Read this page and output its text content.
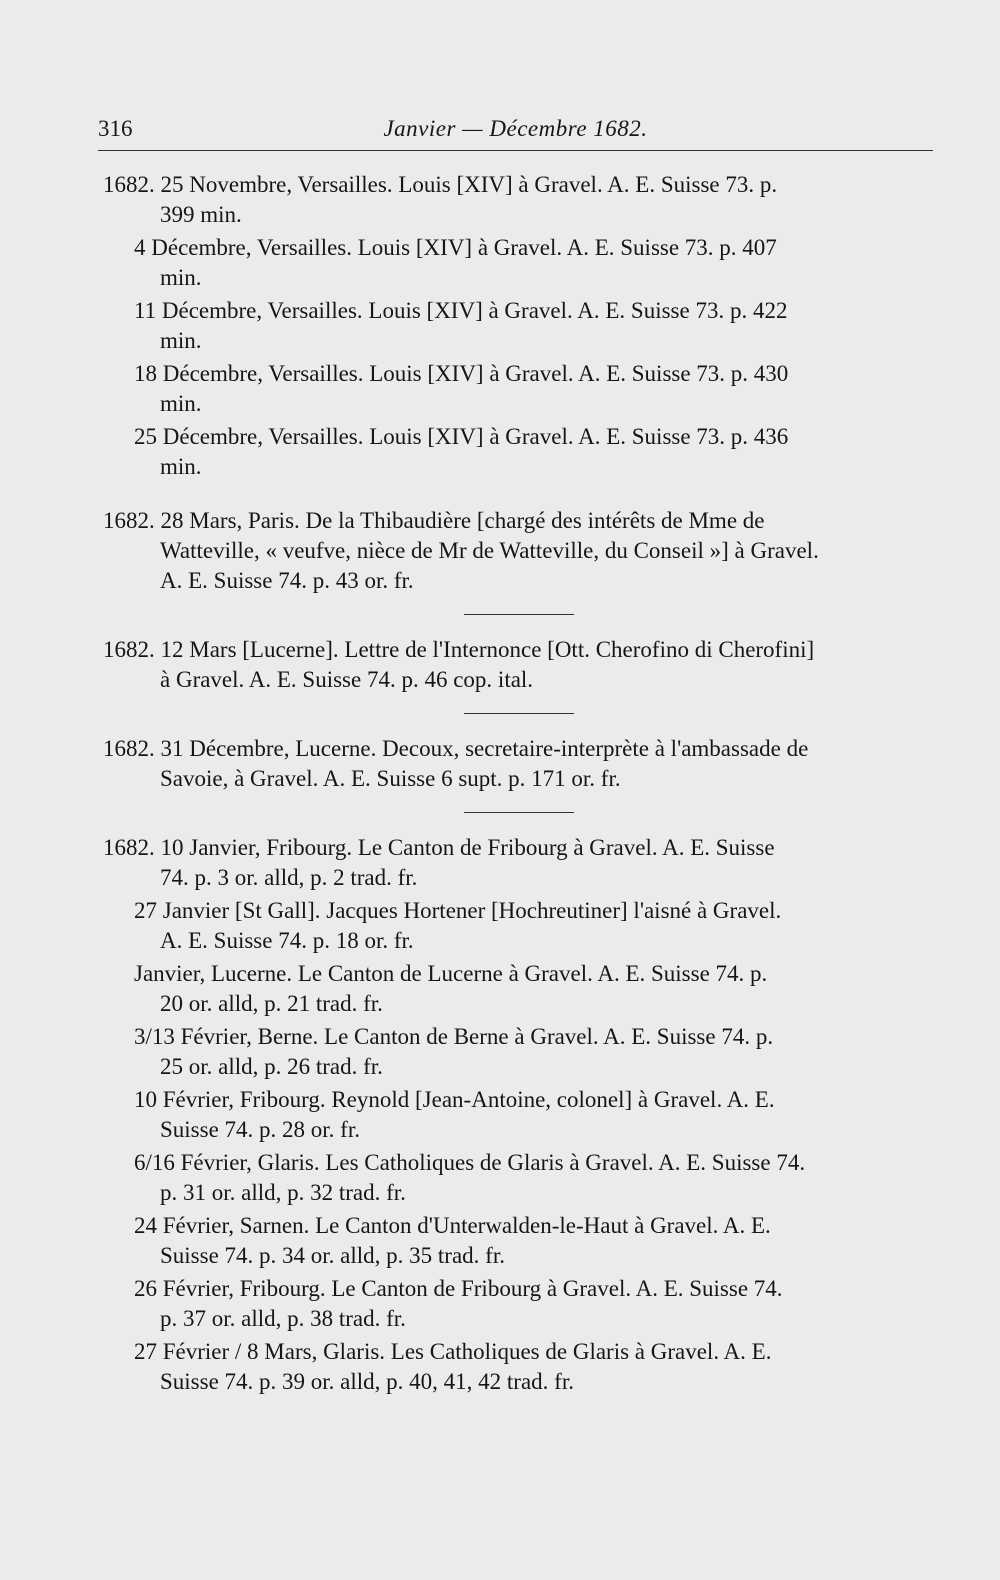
316	Janvier — Décembre 1682.
1682. 25 Novembre, Versailles. Louis [XIV] à Gravel. A. E. Suisse 73. p.
399 min.
4 Décembre, Versailles. Louis [XIV] à Gravel. A. E. Suisse 73. p. 407
min.
11 Décembre, Versailles. Louis [XIV] à Gravel. A. E. Suisse 73. p. 422
min.
18 Décembre, Versailles. Louis [XIV] à Gravel. A. E. Suisse 73. p. 430
min.
25 Décembre, Versailles. Louis [XIV] à Gravel. A. E. Suisse 73. p. 436
min.
1682. 28 Mars, Paris. De la Thibaudière [chargé des intérêts de Mme de
Watteville, « veufve, nièce de Mr de Watteville, du Conseil »] à Gravel.
A. E. Suisse 74. p. 43 or. fr.
1682. 12 Mars [Lucerne]. Lettre de l'Internonce [Ott. Cherofino di Cherofini]
à Gravel. A. E. Suisse 74. p. 46 cop. ital.
1682. 31 Décembre, Lucerne. Decoux, secretaire-interprète à l'ambassade de
Savoie, à Gravel. A. E. Suisse 6 supt. p. 171 or. fr.
1682. 10 Janvier, Fribourg. Le Canton de Fribourg à Gravel. A. E. Suisse
74. p. 3 or. alld, p. 2 trad. fr.
27 Janvier [St Gall]. Jacques Hortener [Hochreutiner] l'aisné à Gravel.
A. E. Suisse 74. p. 18 or. fr.
Janvier, Lucerne. Le Canton de Lucerne à Gravel. A. E. Suisse 74. p.
20 or. alld, p. 21 trad. fr.
3/13 Février, Berne. Le Canton de Berne à Gravel. A. E. Suisse 74. p.
25 or. alld, p. 26 trad. fr.
10 Février, Fribourg. Reynold [Jean-Antoine, colonel] à Gravel. A. E.
Suisse 74. p. 28 or. fr.
6/16 Février, Glaris. Les Catholiques de Glaris à Gravel. A. E. Suisse 74.
p. 31 or. alld, p. 32 trad. fr.
24 Février, Sarnen. Le Canton d'Unterwalden-le-Haut à Gravel. A. E.
Suisse 74. p. 34 or. alld, p. 35 trad. fr.
26 Février, Fribourg. Le Canton de Fribourg à Gravel. A. E. Suisse 74.
p. 37 or. alld, p. 38 trad. fr.
27 Février / 8 Mars, Glaris. Les Catholiques de Glaris à Gravel. A. E.
Suisse 74. p. 39 or. alld, p. 40, 41, 42 trad. fr.
